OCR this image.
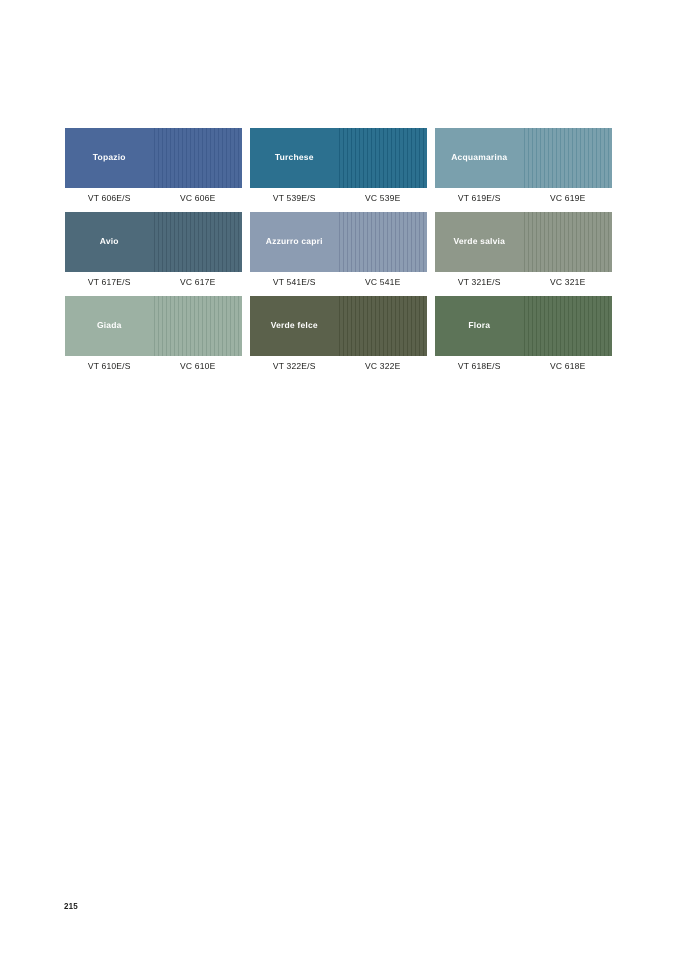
Topazio
VT 606E/S	VC 606E
Turchese
VT 539E/S	VC 539E
Acquamarina
VT 619E/S	VC 619E
Avio
VT 617E/S	VC 617E
Azzurro capri
VT 541E/S	VC 541E
Verde salvia
VT 321E/S	VC 321E
Giada
VT 610E/S	VC 610E
Verde felce
VT 322E/S	VC 322E
Flora
VT 618E/S	VC 618E
215
